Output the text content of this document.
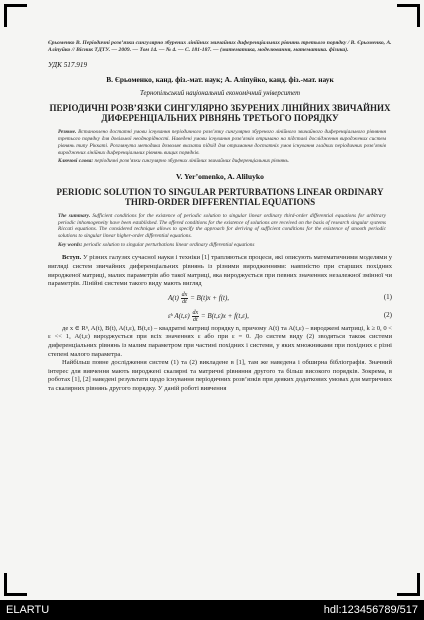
Єрьоменко В. Періодичні розв’язки сингулярно збурених лінійних звичайних диференціальних рівнянь третього порядку / В. Єрьоменко, А. Аліпуйко // Вісник ТДТУ. — 2009. — Том 14. — № 4. — С. 181-187. — (математика, моделювання, математика. фізика).
УДК 517.919
В. Єрьоменко, канд. фіз.-мат. наук; А. Аліпуйко, канд. фіз.-мат. наук
Тернопільський національний економічний університет
ПЕРІОДИЧНІ РОЗВ’ЯЗКИ СИНГУЛЯРНО ЗБУРЕНИХ ЛІНІЙНИХ ЗВИЧАЙНИХ ДИФЕРЕНЦІАЛЬНИХ РІВНЯНЬ ТРЕТЬОГО ПОРЯДКУ
Резюме. Встановлено достатні умови існування періодичного розв’язку сингулярно збуреного лінійного звичайного диференціального рівняння третього порядку для довільної неоднорідності. Наведені умови існування розв’язків отримано на підставі дослідження вироджених систем рівнянь типу Ріккаті. Розглянута методика дозволяє вказати підхід для отримання достатніх умов існування гладких періодичних розв’язків вироджених лінійних диференціальних рівнянь вищих порядків.
Ключові слова: періодичні розв’язки сингулярно збурених лінійних звичайних диференціальних рівнянь.
V. Yer’omenko, A. Aliluyko
PERIODIC SOLUTION TO SINGULAR PERTURBATIONS LINEAR ORDINARY THIRD-ORDER DIFFERENTIAL EQUATIONS
The summary. Sufficient conditions for the existence of periodic solution to singular linear ordinary third-order differential equations for arbitrary periodic inhomogeneity have been established. The offered conditions for the existence of solutions are received on the basis of research singular systems Riccati equations. The considered technique allows to specify the approach for deriving of sufficient conditions for the existence of smooth periodic solutions to singular linear higher-order differential equations.
Key words: periodic solution to singular perturbations linear ordinary differential equations

Вступ. У різних галузях сучасної науки і техніки [1] трапляються процеси, які описують математичними моделями у вигляді систем звичайних диференціальних рівнянь із різними виродженнями: навпністю при старших похідних виродженої матриці, малих параметрів або такої матриці, яка вироджується при певних значеннях незалежної змінної чи параметрів. Лінійні системи такого виду мають вигляд

$A(t) \frac{dx}{dt} = B(t)x + f(t)$,	(1)
εᵏ $A(t,\varepsilon) \frac{dx}{dt} = B(t,\varepsilon)x + f(t,\varepsilon)$,	(2)

де x ∈ Rⁿ, A(t), B(t), A(t,ε), B(t,ε) – квадратні матриці порядку n, причому A(t) та A(t,ε) – вироджені матриці, k ≥ 0, 0 < ε << 1, A(t,ε) вироджується при всіх значеннях ε або при ε = 0. До систем виду (2) зводяться також системи диференціальних рівнянь із малим параметром при частині похідних і системи, у яких множниками при похідних є різні степені малого параметра.

Найбільш повне дослідження систем (1) та (2) викладене в [1], там же наведена і обширна бібліографія. Значний інтерес для вивчення мають вироджені скалярні та матричні рівняння другого та більш високого порядків. Зокрема, в роботах [1], [2] наведені результати щодо існування періодичних розв’язків при деяких додаткових умовах для матричних та скалярних рівнянь другого порядку. У даній роботі вивчення

ELARTU	hdl:123456789/517
